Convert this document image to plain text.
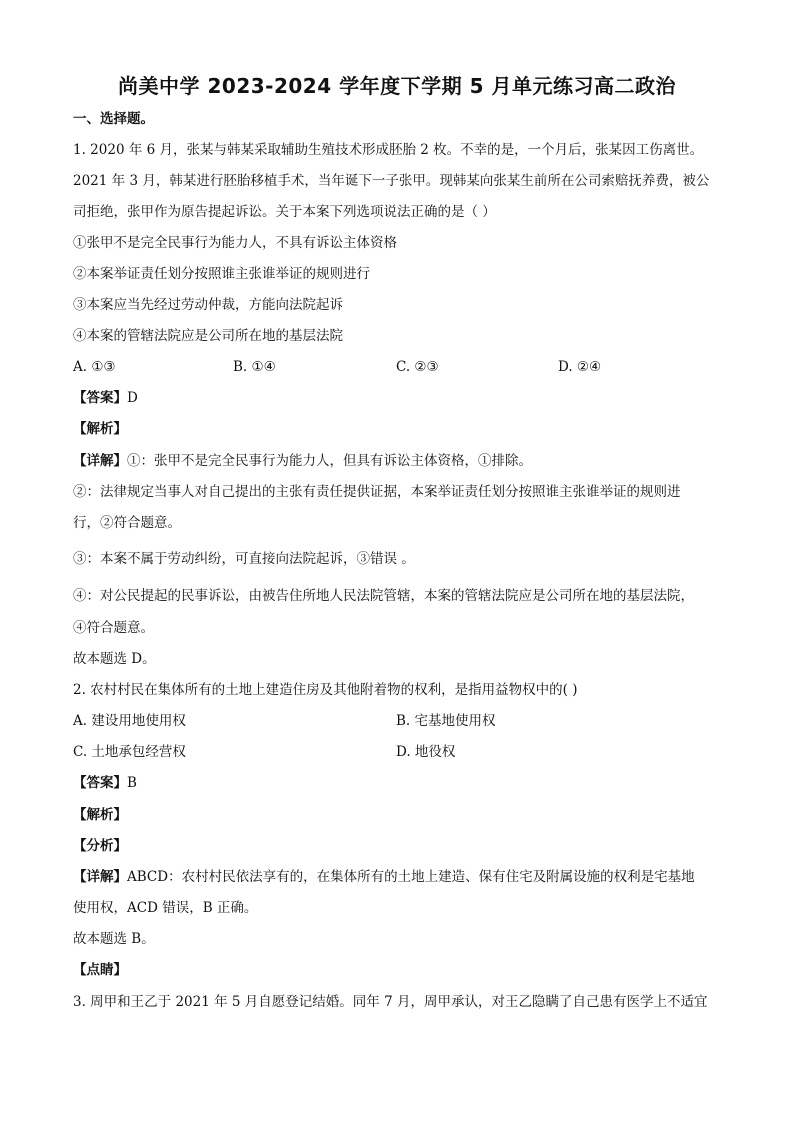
尚美中学 2023-2024 学年度下学期 5 月单元练习高二政治
一、选择题。
1. 2020 年 6 月，张某与韩某采取辅助生殖技术形成胚胎 2 枚。不幸的是，一个月后，张某因工伤离世。
2021 年 3 月，韩某进行胚胎移植手术，当年诞下一子张甲。现韩某向张某生前所在公司索赔抚养费，被公
司拒绝，张甲作为原告提起诉讼。关于本案下列选项说法正确的是（ ）
①张甲不是完全民事行为能力人，不具有诉讼主体资格
②本案举证责任划分按照谁主张谁举证的规则进行
③本案应当先经过劳动仲裁，方能向法院起诉
④本案的管辖法院应是公司所在地的基层法院
A. ①③	B. ①④	C. ②③	D. ②④
【答案】D
【解析】
【详解】①：张甲不是完全民事行为能力人，但具有诉讼主体资格，①排除。
②：法律规定当事人对自己提出的主张有责任提供证据，本案举证责任划分按照谁主张谁举证的规则进
行，②符合题意。
③：本案不属于劳动纠纷，可直接向法院起诉，③错误 。
④：对公民提起的民事诉讼，由被告住所地人民法院管辖，本案的管辖法院应是公司所在地的基层法院，
④符合题意。
故本题选 D。
2. 农村村民在集体所有的土地上建造住房及其他附着物的权利，是指用益物权中的( )
A. 建设用地使用权	B. 宅基地使用权
C. 土地承包经营权	D. 地役权
【答案】B
【解析】
【分析】
【详解】ABCD：农村村民依法享有的，在集体所有的土地上建造、保有住宅及附属设施的权利是宅基地
使用权，ACD 错误，B 正确。
故本题选 B。
【点睛】
3. 周甲和王乙于 2021 年 5 月自愿登记结婚。同年 7 月，周甲承认，对王乙隐瞒了自己患有医学上不适宜
